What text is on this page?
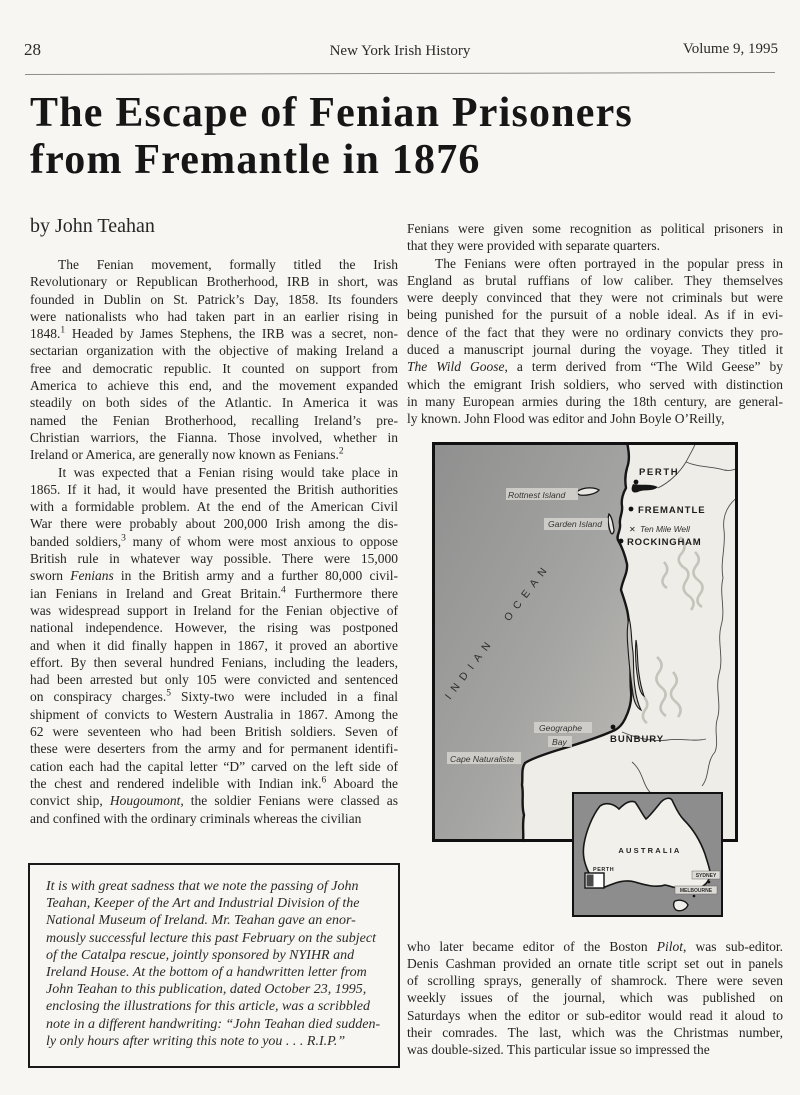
28	New York Irish History	Volume 9, 1995
The Escape of Fenian Prisoners
from Fremantle in 1876
by John Teahan
The Fenian movement, formally titled the Irish
Revolutionary or Republican Brotherhood, IRB in short, was
founded in Dublin on St. Patrick’s Day, 1858. Its founders
were nationalists who had taken part in an earlier rising in
1848.$^1$ Headed by James Stephens, the IRB was a secret, non-
sectarian organization with the objective of making Ireland a
free and democratic republic. It counted on support from
America to achieve this end, and the movement expanded
steadily on both sides of the Atlantic. In America it was
named the Fenian Brotherhood, recalling Ireland’s pre-
Christian warriors, the Fianna. Those involved, whether in
Ireland or America, are generally now known as Fenians.$^2$
It was expected that a Fenian rising would take place in
1865. If it had, it would have presented the British authorities
with a formidable problem. At the end of the American Civil
War there were probably about 200,000 Irish among the dis-
banded soldiers,$^3$ many of whom were most anxious to oppose
British rule in whatever way possible. There were 15,000
sworn Fenians in the British army and a further 80,000 civil-
ian Fenians in Ireland and Great Britain.$^4$ Furthermore there
was widespread support in Ireland for the Fenian objective of
national independence. However, the rising was postponed
and when it did finally happen in 1867, it proved an abortive
effort. By then several hundred Fenians, including the leaders,
had been arrested but only 105 were convicted and sentenced
on conspiracy charges.$^5$ Sixty-two were included in a final
shipment of convicts to Western Australia in 1867. Among the
62 were seventeen who had been British soldiers. Seven of
these were deserters from the army and for permanent identifi-
cation each had the capital letter “D” carved on the left side of
the chest and rendered indelible with Indian ink.$^6$ Aboard the
convict ship, Hougoumont, the soldier Fenians were classed as
and confined with the ordinary criminals whereas the civilian
It is with great sadness that we note the passing of John
Teahan, Keeper of the Art and Industrial Division of the
National Museum of Ireland. Mr. Teahan gave an enor-
mously successful lecture this past February on the subject
of the Catalpa rescue, jointly sponsored by NYIHR and
Ireland House. At the bottom of a handwritten letter from
John Teahan to this publication, dated October 23, 1995,
enclosing the illustrations for this article, was a scribbled
note in a different handwriting: “John Teahan died sudden-
ly only hours after writing this note to you . . . R.I.P.”
Fenians were given some recognition as political prisoners in
that they were provided with separate quarters.
The Fenians were often portrayed in the popular press in
England as brutal ruffians of low caliber. They themselves
were deeply convinced that they were not criminals but were
being punished for the pursuit of a noble ideal. As if in evi-
dence of the fact that they were no ordinary convicts they pro-
duced a manuscript journal during the voyage. They titled it
The Wild Goose, a term derived from “The Wild Geese” by
which the emigrant Irish soldiers, who served with distinction
in many European armies during the 18th century, are general-
ly known. John Flood was editor and John Boyle O’Reilly,
PERTH
Rottnest Island
FREMANTLE
Garden Island
✕ Ten Mile Well
ROCKINGHAM
INDIAN OCEAN
Geographe
Bay	BUNBURY
Cape Naturaliste
AUSTRALIA
PERTH
SYDNEY
MELBOURNE
who later became editor of the Boston Pilot, was sub-editor.
Denis Cashman provided an ornate title script set out in panels
of scrolling sprays, generally of shamrock. There were seven
weekly issues of the journal, which was published on
Saturdays when the editor or sub-editor would read it aloud to
their comrades. The last, which was the Christmas number,
was double-sized. This particular issue so impressed the
